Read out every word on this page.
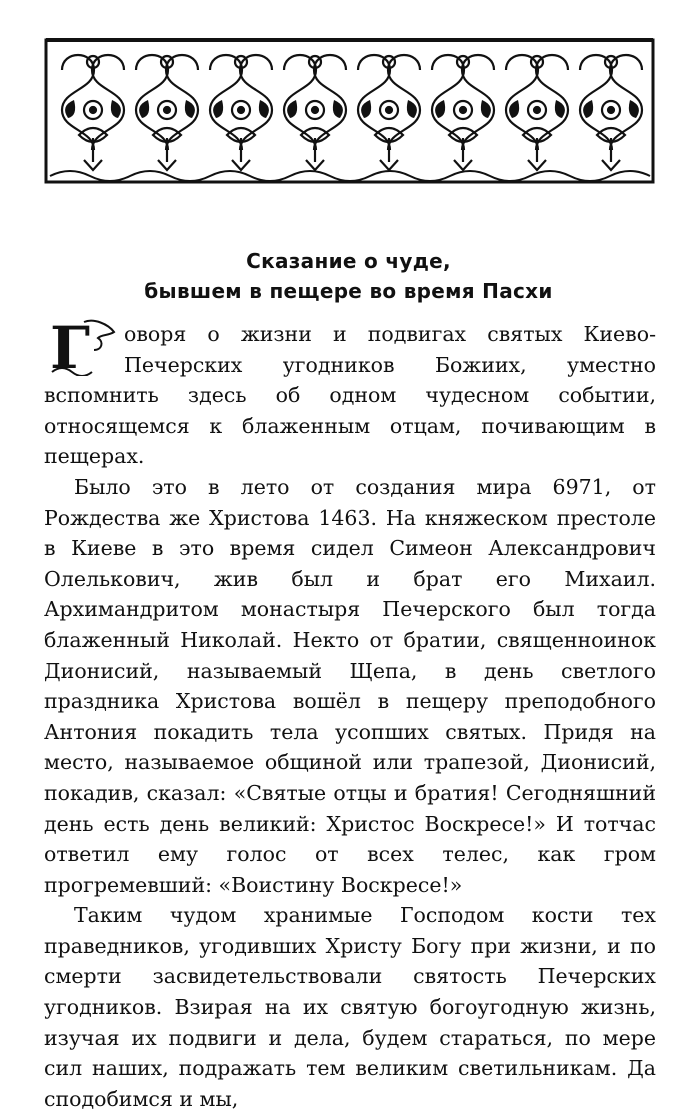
Сказание о чуде,
бывшем в пещере во время Пасхи

Г оворя о жизни и подвигах святых Киево-Печерских угодников Божиих, уместно вспомнить здесь об одном чудесном событии, относящемся к блаженным отцам, почивающим в пещерах.

Было это в лето от создания мира 6971, от Рождества же Христова 1463. На княжеском престоле в Киеве в это время сидел Симеон Александрович Олелькович, жив был и брат его Михаил. Архимандритом монастыря Печерского был тогда блаженный Николай. Некто от братии, священноинок Дионисий, называемый Щепа, в день светлого праздника Христова вошёл в пещеру преподобного Антония покадить тела усопших святых. Придя на место, называемое общиной или трапезой, Дионисий, покадив, сказал: «Святые отцы и братия! Сегодняшний день есть день великий: Христос Воскресе!» И тотчас ответил ему голос от всех телес, как гром прогремевший: «Воистину Воскресе!»

Таким чудом хранимые Господом кости тех праведников, угодивших Христу Богу при жизни, и по смерти засвидетельствовали святость Печерских угодников. Взирая на их святую богоугодную жизнь, изучая их подвиги и дела, будем стараться, по мере сил наших, подражать тем великим светильникам. Да сподобимся и мы,
